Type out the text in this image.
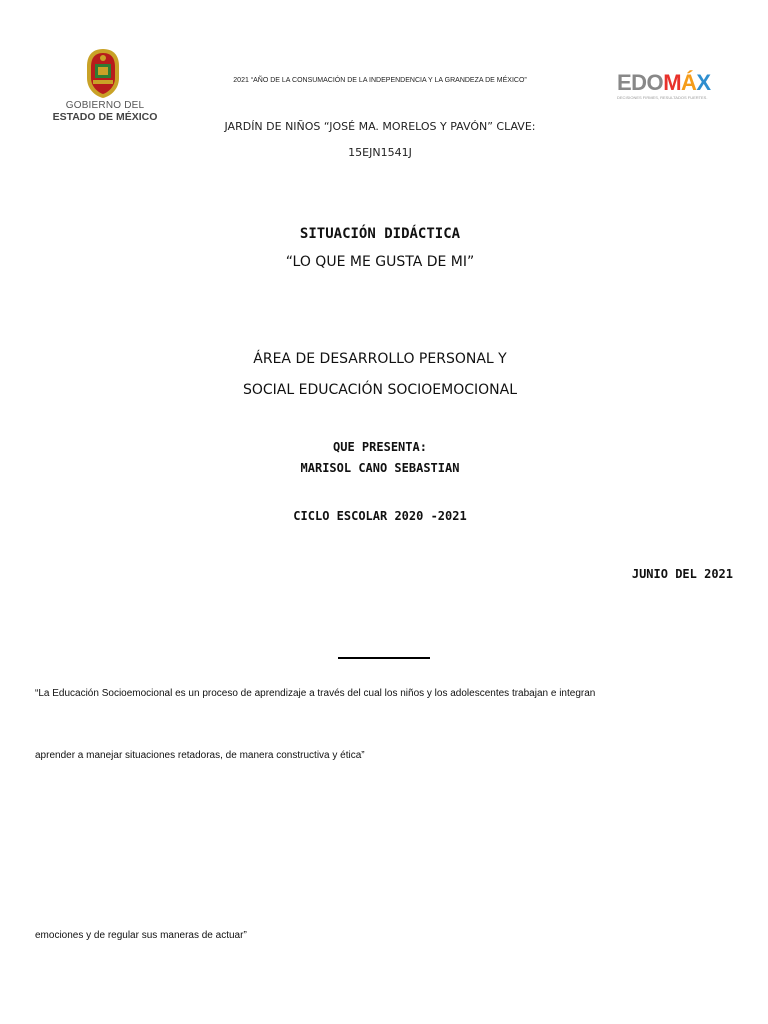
GOBIERNO DEL
ESTADO DE MÉXICO
2021 “AÑO DE LA CONSUMACIÓN DE LA INDEPENDENCIA Y LA GRANDEZA DE MÉXICO”	EDOMÁX
DECISIONES FIRMES, RESULTADOS FUERTES.
JARDÍN DE NIÑOS “JOSÉ MA. MORELOS Y PAVÓN” CLAVE:
15EJN1541J
SITUACIÓN DIDÁCTICA
“LO QUE ME GUSTA DE MI”
ÁREA DE DESARROLLO PERSONAL Y
SOCIAL EDUCACIÓN SOCIOEMOCIONAL
QUE PRESENTA:
MARISOL CANO SEBASTIAN
CICLO ESCOLAR 2020 -2021
JUNIO DEL 2021
“La Educación Socioemocional es un proceso de aprendizaje a través del cual los niños y los adolescentes trabajan e integran
aprender a manejar situaciones retadoras, de manera constructiva y ética”
emociones y de regular sus maneras de actuar”
